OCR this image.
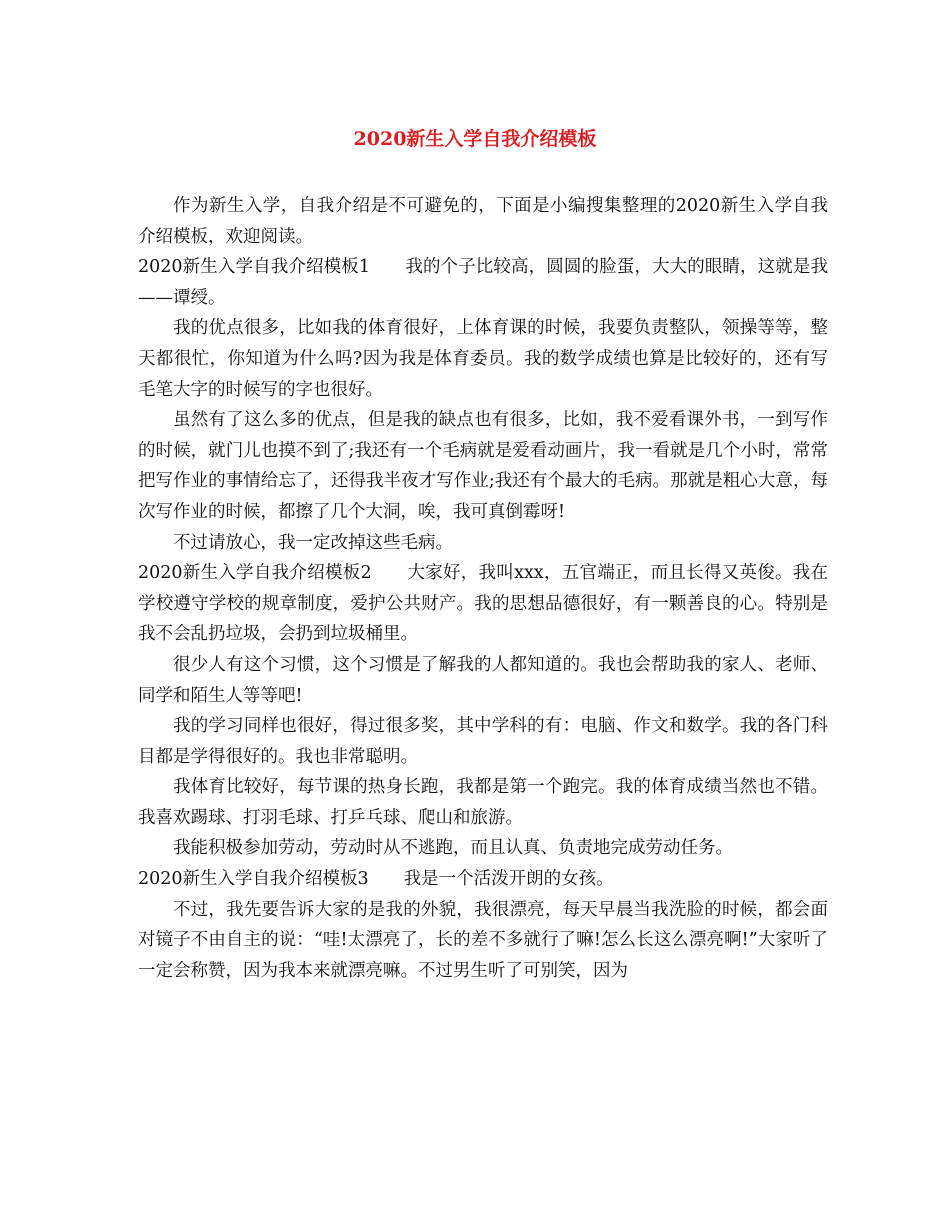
2020新生入学自我介绍模板

作为新生入学，自我介绍是不可避免的，下面是小编搜集整理的2020新生入学自我介绍模板，欢迎阅读。

2020新生入学自我介绍模板1　　 我的个子比较高，圆圆的脸蛋，大大的眼睛，这就是我——谭绶。

我的优点很多，比如我的体育很好，上体育课的时候，我要负责整队，领操等等，整天都很忙，你知道为什么吗?因为我是体育委员。我的数学成绩也算是比较好的，还有写毛笔大字的时候写的字也很好。

虽然有了这么多的优点，但是我的缺点也有很多，比如，我不爱看课外书，一到写作的时候，就门儿也摸不到了;我还有一个毛病就是爱看动画片，我一看就是几个小时，常常把写作业的事情给忘了，还得我半夜才写作业;我还有个最大的毛病。那就是粗心大意，每次写作业的时候，都擦了几个大洞，唉，我可真倒霉呀!

不过请放心，我一定改掉这些毛病。

2020新生入学自我介绍模板2　　 大家好，我叫xxx，五官端正，而且长得又英俊。我在学校遵守学校的规章制度，爱护公共财产。我的思想品德很好，有一颗善良的心。特别是我不会乱扔垃圾，会扔到垃圾桶里。

很少人有这个习惯，这个习惯是了解我的人都知道的。我也会帮助我的家人、老师、同学和陌生人等等吧!

我的学习同样也很好，得过很多奖，其中学科的有：电脑、作文和数学。我的各门科目都是学得很好的。我也非常聪明。

我体育比较好，每节课的热身长跑，我都是第一个跑完。我的体育成绩当然也不错。我喜欢踢球、打羽毛球、打乒乓球、爬山和旅游。

我能积极参加劳动，劳动时从不逃跑，而且认真、负责地完成劳动任务。

2020新生入学自我介绍模板3　　 我是一个活泼开朗的女孩。

不过，我先要告诉大家的是我的外貌，我很漂亮，每天早晨当我洗脸的时候，都会面对镜子不由自主的说：“哇!太漂亮了，长的差不多就行了嘛!怎么长这么漂亮啊!”大家听了一定会称赞，因为我本来就漂亮嘛。不过男生听了可别笑，因为
